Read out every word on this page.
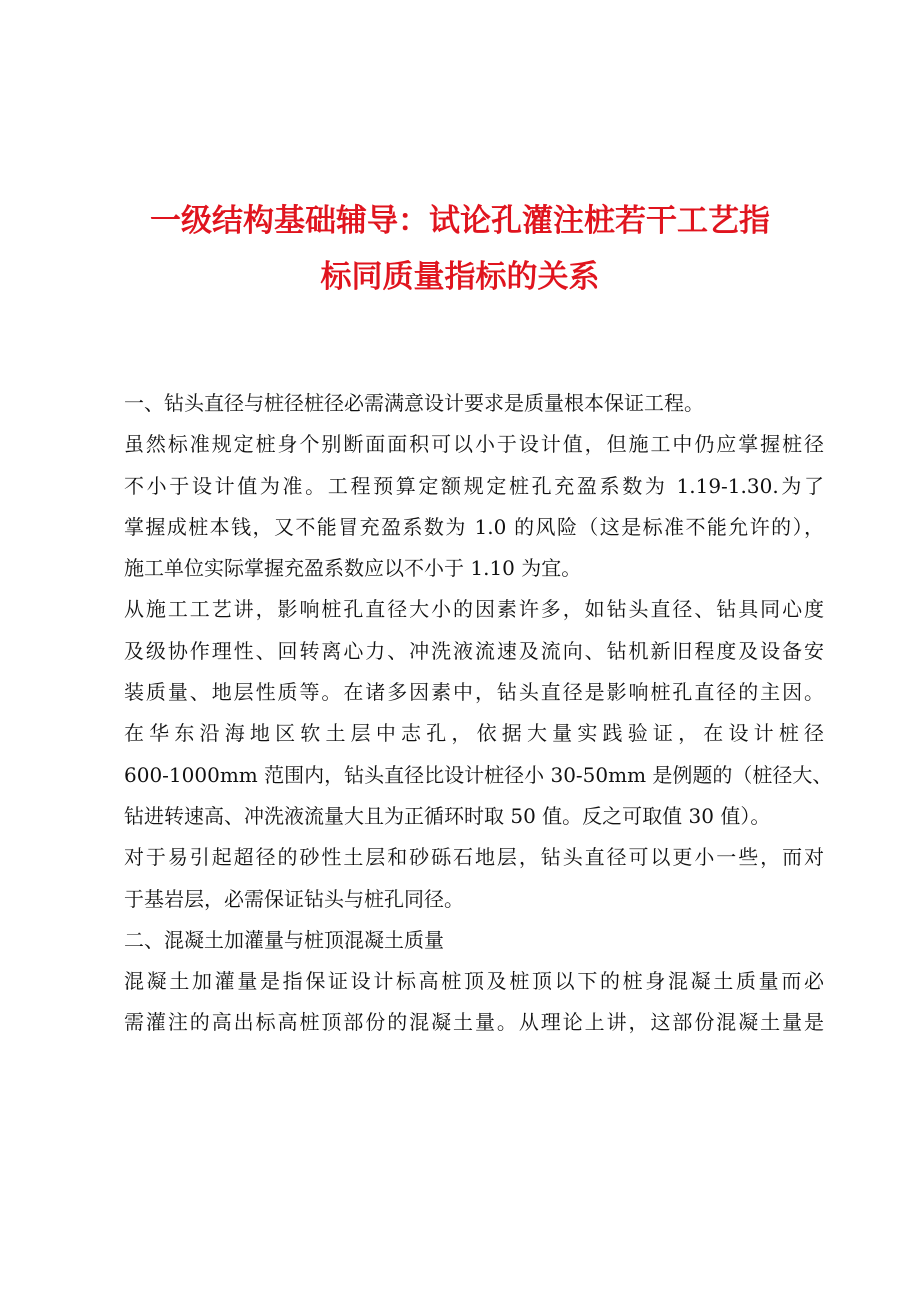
一级结构基础辅导：试论孔灌注桩若干工艺指
标同质量指标的关系
一、钻头直径与桩径桩径必需满意设计要求是质量根本保证工程。
虽然标准规定桩身个别断面面积可以小于设计值，但施工中仍应掌握桩径
不小于设计值为准。工程预算定额规定桩孔充盈系数为 1.19-1.30.为了
掌握成桩本钱，又不能冒充盈系数为 1.0 的风险（这是标准不能允许的），
施工单位实际掌握充盈系数应以不小于 1.10 为宜。
从施工工艺讲，影响桩孔直径大小的因素许多，如钻头直径、钻具同心度
及级协作理性、回转离心力、冲洗液流速及流向、钻机新旧程度及设备安
装质量、地层性质等。在诸多因素中，钻头直径是影响桩孔直径的主因。
在华东沿海地区软土层中志孔，依据大量实践验证，在设计桩径
600-1000mm 范围内，钻头直径比设计桩径小 30-50mm 是例题的（桩径大、
钻进转速高、冲洗液流量大且为正循环时取 50 值。反之可取值 30 值）。
对于易引起超径的砂性土层和砂砾石地层，钻头直径可以更小一些，而对
于基岩层，必需保证钻头与桩孔同径。
二、混凝土加灌量与桩顶混凝土质量
混凝土加灌量是指保证设计标高桩顶及桩顶以下的桩身混凝土质量而必
需灌注的高出标高桩顶部份的混凝土量。从理论上讲，这部份混凝土量是
